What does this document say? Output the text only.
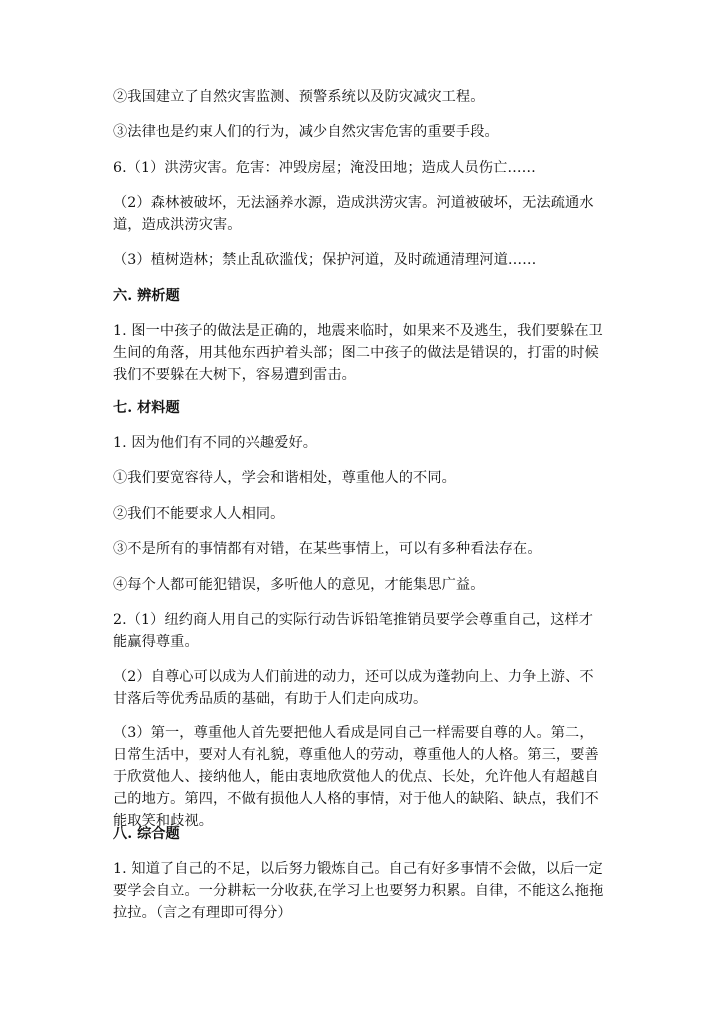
②我国建立了自然灾害监测、预警系统以及防灾减灾工程。
③法律也是约束人们的行为，减少自然灾害危害的重要手段。
6.（1）洪涝灾害。危害：冲毁房屋；淹没田地；造成人员伤亡……
（2）森林被破坏，无法涵养水源，造成洪涝灾害。河道被破坏，无法疏通水道，造成洪涝灾害。
（3）植树造林；禁止乱砍滥伐；保护河道，及时疏通清理河道……
六. 辨析题
1. 图一中孩子的做法是正确的，地震来临时，如果来不及逃生，我们要躲在卫生间的角落，用其他东西护着头部；图二中孩子的做法是错误的，打雷的时候我们不要躲在大树下，容易遭到雷击。
七. 材料题
1. 因为他们有不同的兴趣爱好。
①我们要宽容待人，学会和谐相处，尊重他人的不同。
②我们不能要求人人相同。
③不是所有的事情都有对错，在某些事情上，可以有多种看法存在。
④每个人都可能犯错误，多听他人的意见，才能集思广益。
2.（1）纽约商人用自己的实际行动告诉铅笔推销员要学会尊重自己，这样才能赢得尊重。
（2）自尊心可以成为人们前进的动力，还可以成为蓬勃向上、力争上游、不甘落后等优秀品质的基础，有助于人们走向成功。
（3）第一，尊重他人首先要把他人看成是同自己一样需要自尊的人。第二，日常生活中，要对人有礼貌，尊重他人的劳动，尊重他人的人格。第三，要善于欣赏他人、接纳他人，能由衷地欣赏他人的优点、长处，允许他人有超越自己的地方。第四，不做有损他人人格的事情，对于他人的缺陷、缺点，我们不能取笑和歧视。
八. 综合题
1. 知道了自己的不足，以后努力锻炼自己。自己有好多事情不会做，以后一定要学会自立。一分耕耘一分收获,在学习上也要努力积累。自律，不能这么拖拖拉拉。（言之有理即可得分）
